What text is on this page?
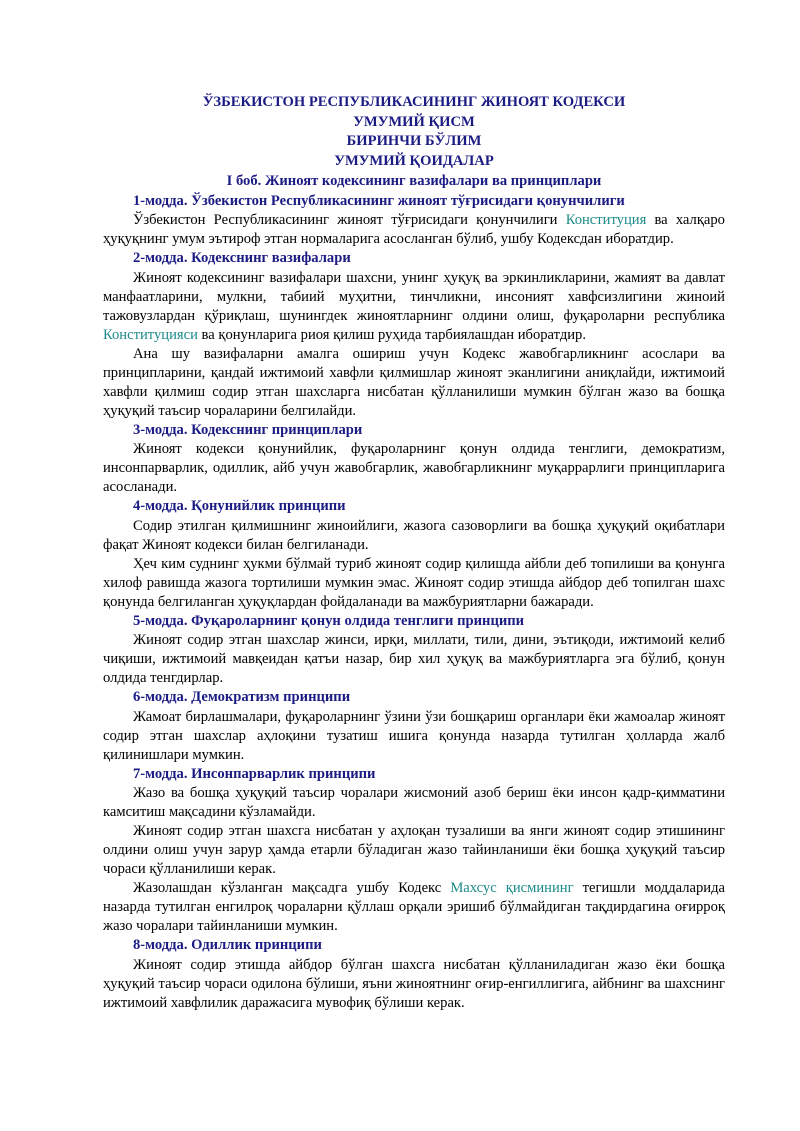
ЎЗБЕКИСТОН РЕСПУБЛИКАСИНИНГ ЖИНОЯТ КОДЕКСИ
УМУМИЙ ҚИСМ
БИРИНЧИ БЎЛИМ
УМУМИЙ ҚОИДАЛАР
I боб. Жиноят кодексининг вазифалари ва принциплари

1-модда. Ўзбекистон Республикасининг жиноят тўғрисидаги қонунчилиги

Ўзбекистон Республикасининг жиноят тўғрисидаги қонунчилиги Конституция ва халқаро ҳуқуқнинг умум эътироф этган нормаларига асосланган бўлиб, ушбу Кодексдан иборатдир.

2-модда. Кодекснинг вазифалари

Жиноят кодексининг вазифалари шахсни, унинг ҳуқуқ ва эркинликларини, жамият ва давлат манфаатларини, мулкни, табиий муҳитни, тинчликни, инсоният хавфсизлигини жиноий тажовузлардан қўриқлаш, шунингдек жиноятларнинг олдини олиш, фуқароларни республика Конституцияси ва қонунларига риоя қилиш руҳида тарбиялашдан иборатдир.

Ана шу вазифаларни амалга ошириш учун Кодекс жавобгарликнинг асослари ва принципларини, қандай ижтимоий хавфли қилмишлар жиноят эканлигини аниқлайди, ижтимоий хавфли қилмиш содир этган шахсларга нисбатан қўлланилиши мумкин бўлган жазо ва бошқа ҳуқуқий таъсир чораларини белгилайди.

3-модда. Кодекснинг принциплари

Жиноят кодекси қонунийлик, фуқароларнинг қонун олдида тенглиги, демократизм, инсонпарварлик, одиллик, айб учун жавобгарлик, жавобгарликнинг муқаррарлиги принципларига асосланади.

4-модда. Қонунийлик принципи

Содир этилган қилмишнинг жиноийлиги, жазога сазоворлиги ва бошқа ҳуқуқий оқибатлари фақат Жиноят кодекси билан белгиланади.

Ҳеч ким суднинг ҳукми бўлмай туриб жиноят содир қилишда айбли деб топилиши ва қонунга хилоф равишда жазога тортилиши мумкин эмас. Жиноят содир этишда айбдор деб топилган шахс қонунда белгиланган ҳуқуқлардан фойдаланади ва мажбуриятларни бажаради.

5-модда. Фуқароларнинг қонун олдида тенглиги принципи

Жиноят содир этган шахслар жинси, ирқи, миллати, тили, дини, эътиқоди, ижтимоий келиб чиқиши, ижтимоий мавқеидан қатъи назар, бир хил ҳуқуқ ва мажбуриятларга эга бўлиб, қонун олдида тенгдирлар.

6-модда. Демократизм принципи

Жамоат бирлашмалари, фуқароларнинг ўзини ўзи бошқариш органлари ёки жамоалар жиноят содир этган шахслар аҳлоқини тузатиш ишига қонунда назарда тутилган ҳолларда жалб қилинишлари мумкин.

7-модда. Инсонпарварлик принципи

Жазо ва бошқа ҳуқуқий таъсир чоралари жисмоний азоб бериш ёки инсон қадр-қимматини камситиш мақсадини кўзламайди.

Жиноят содир этган шахсга нисбатан у аҳлоқан тузалиши ва янги жиноят содир этишининг олдини олиш учун зарур ҳамда етарли бўладиган жазо тайинланиши ёки бошқа ҳуқуқий таъсир чораси қўлланилиши керак.

Жазолашдан кўзланган мақсадга ушбу Кодекс Махсус қисмининг тегишли моддаларида назарда тутилган енгилроқ чораларни қўллаш орқали эришиб бўлмайдиган тақдирдагина оғирроқ жазо чоралари тайинланиши мумкин.

8-модда. Одиллик принципи

Жиноят содир этишда айбдор бўлган шахсга нисбатан қўлланиладиган жазо ёки бошқа ҳуқуқий таъсир чораси одилона бўлиши, яъни жиноятнинг оғир-енгиллигига, айбнинг ва шахснинг ижтимоий хавфлилик даражасига мувофиқ бўлиши керак.
